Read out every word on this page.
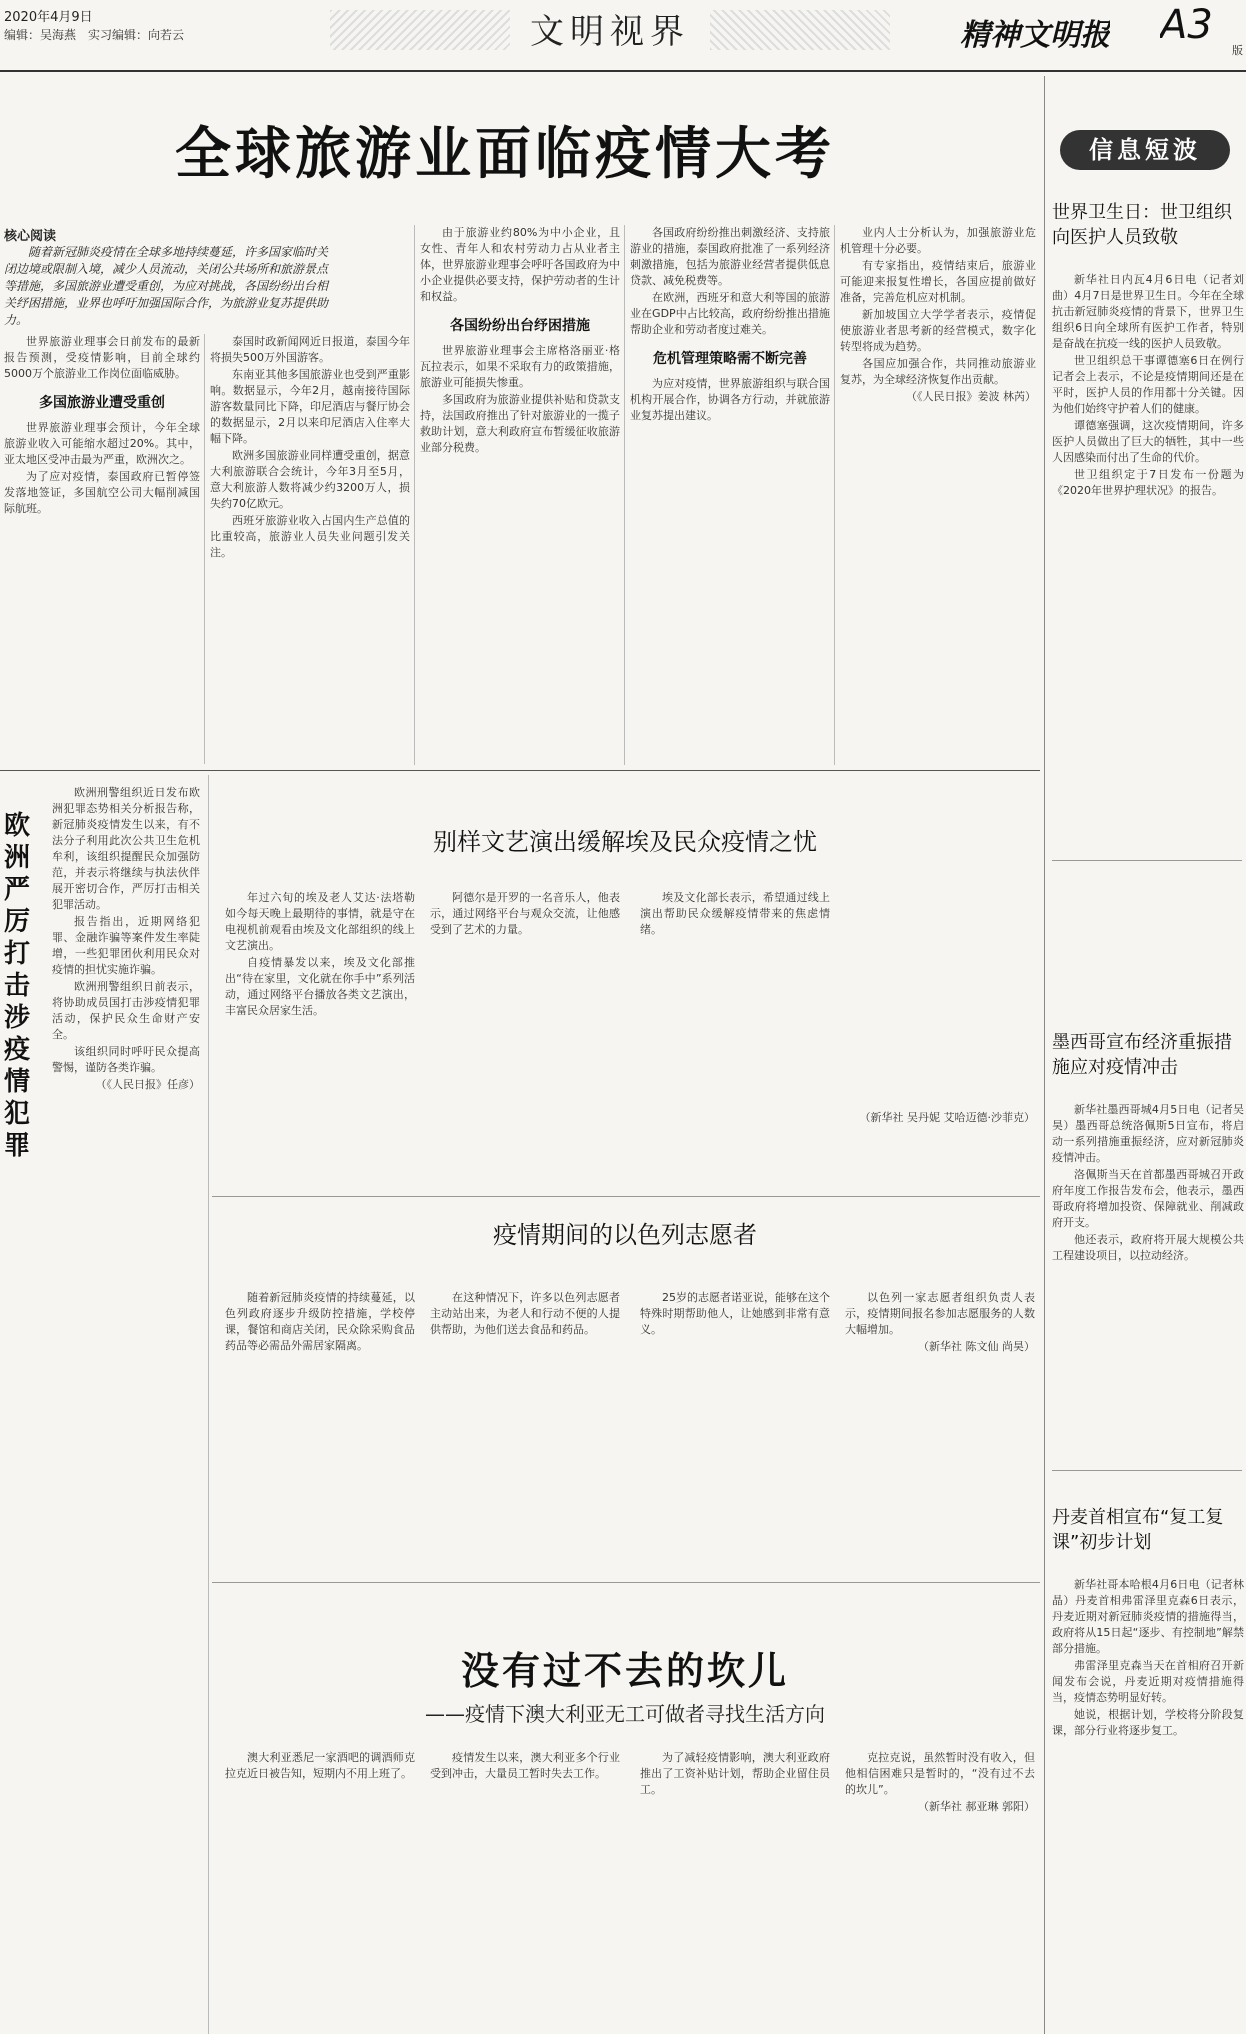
2020年4月9日
编辑：吴海燕　实习编辑：向若云	文明视界	精神文明报 A3
版
全球旅游业面临疫情大考
核心阅读
随着新冠肺炎疫情在全球多地持续蔓延，许多国家临时关闭边境或限制入境，减少人员流动，关闭公共场所和旅游景点等措施，多国旅游业遭受重创，为应对挑战，各国纷纷出台相关纾困措施，业界也呼吁加强国际合作，为旅游业复苏提供助力。

世界旅游业理事会日前发布的最新报告预测，受疫情影响，目前全球约5000万个旅游业工作岗位面临威胁。

多国旅游业遭受重创

世界旅游业理事会预计，今年全球旅游业收入可能缩水超过20%。其中，亚太地区受冲击最为严重，欧洲次之。

为了应对疫情，泰国政府已暂停签发落地签证，多国航空公司大幅削减国际航班。

泰国时政新闻网近日报道，泰国今年将损失500万外国游客。

东南亚其他多国旅游业也受到严重影响。数据显示，今年2月，越南接待国际游客数量同比下降，印尼酒店与餐厅协会的数据显示，2月以来印尼酒店入住率大幅下降。

欧洲多国旅游业同样遭受重创，据意大利旅游联合会统计，今年3月至5月，意大利旅游人数将减少约3200万人，损失约70亿欧元。

西班牙旅游业收入占国内生产总值的比重较高，旅游业人员失业问题引发关注。

由于旅游业约80%为中小企业，且女性、青年人和农村劳动力占从业者主体，世界旅游业理事会呼吁各国政府为中小企业提供必要支持，保护劳动者的生计和权益。

各国纷纷出台纾困措施

世界旅游业理事会主席格洛丽亚·格瓦拉表示，如果不采取有力的政策措施，旅游业可能损失惨重。

多国政府为旅游业提供补贴和贷款支持，法国政府推出了针对旅游业的一揽子救助计划，意大利政府宣布暂缓征收旅游业部分税费。

各国政府纷纷推出刺激经济、支持旅游业的措施，泰国政府批准了一系列经济刺激措施，包括为旅游业经营者提供低息贷款、减免税费等。

在欧洲，西班牙和意大利等国的旅游业在GDP中占比较高，政府纷纷推出措施帮助企业和劳动者度过难关。

危机管理策略需不断完善

为应对疫情，世界旅游组织与联合国机构开展合作，协调各方行动，并就旅游业复苏提出建议。

业内人士分析认为，加强旅游业危机管理十分必要。

有专家指出，疫情结束后，旅游业可能迎来报复性增长，各国应提前做好准备，完善危机应对机制。

新加坡国立大学学者表示，疫情促使旅游业者思考新的经营模式，数字化转型将成为趋势。

各国应加强合作，共同推动旅游业复苏，为全球经济恢复作出贡献。

（《人民日报》姜波 林芮）
信息短波
世界卫生日：世卫组织向医护人员致敬

新华社日内瓦4月6日电（记者刘曲）4月7日是世界卫生日。今年在全球抗击新冠肺炎疫情的背景下，世界卫生组织6日向全球所有医护工作者，特别是奋战在抗疫一线的医护人员致敬。

世卫组织总干事谭德塞6日在例行记者会上表示，不论是疫情期间还是在平时，医护人员的作用都十分关键。因为他们始终守护着人们的健康。

谭德塞强调，这次疫情期间，许多医护人员做出了巨大的牺牲，其中一些人因感染而付出了生命的代价。

世卫组织定于7日发布一份题为《2020年世界护理状况》的报告。

墨西哥宣布经济重振措施应对疫情冲击

新华社墨西哥城4月5日电（记者吴昊）墨西哥总统洛佩斯5日宣布，将启动一系列措施重振经济，应对新冠肺炎疫情冲击。

洛佩斯当天在首都墨西哥城召开政府年度工作报告发布会，他表示，墨西哥政府将增加投资、保障就业、削减政府开支。

他还表示，政府将开展大规模公共工程建设项目，以拉动经济。

丹麦首相宣布“复工复课”初步计划

新华社哥本哈根4月6日电（记者林晶）丹麦首相弗雷泽里克森6日表示，丹麦近期对新冠肺炎疫情的措施得当，政府将从15日起“逐步、有控制地”解禁部分措施。

弗雷泽里克森当天在首相府召开新闻发布会说，丹麦近期对疫情措施得当，疫情态势明显好转。

她说，根据计划，学校将分阶段复课，部分行业将逐步复工。

欧洲严厉打击涉疫情犯罪

欧洲刑警组织近日发布欧洲犯罪态势相关分析报告称，新冠肺炎疫情发生以来，有不法分子利用此次公共卫生危机牟利，该组织提醒民众加强防范，并表示将继续与执法伙伴展开密切合作，严厉打击相关犯罪活动。

报告指出，近期网络犯罪、金融诈骗等案件发生率陡增，一些犯罪团伙利用民众对疫情的担忧实施诈骗。

欧洲刑警组织日前表示，将协助成员国打击涉疫情犯罪活动，保护民众生命财产安全。

该组织同时呼吁民众提高警惕，谨防各类诈骗。

（《人民日报》任彦）
别样文艺演出缓解埃及民众疫情之忧

年过六旬的埃及老人艾达·法塔勒如今每天晚上最期待的事情，就是守在电视机前观看由埃及文化部组织的线上文艺演出。

自疫情暴发以来，埃及文化部推出“待在家里，文化就在你手中”系列活动，通过网络平台播放各类文艺演出，丰富民众居家生活。

阿德尔是开罗的一名音乐人，他表示，通过网络平台与观众交流，让他感受到了艺术的力量。

埃及文化部长表示，希望通过线上演出帮助民众缓解疫情带来的焦虑情绪。

（新华社 吴丹妮 艾哈迈德·沙菲克）
疫情期间的以色列志愿者

随着新冠肺炎疫情的持续蔓延，以色列政府逐步升级防控措施，学校停课，餐馆和商店关闭，民众除采购食品药品等必需品外需居家隔离。

在这种情况下，许多以色列志愿者主动站出来，为老人和行动不便的人提供帮助，为他们送去食品和药品。

25岁的志愿者诺亚说，能够在这个特殊时期帮助他人，让她感到非常有意义。

以色列一家志愿者组织负责人表示，疫情期间报名参加志愿服务的人数大幅增加。

（新华社 陈文仙 尚昊）
没有过不去的坎儿
——疫情下澳大利亚无工可做者寻找生活方向

澳大利亚悉尼一家酒吧的调酒师克拉克近日被告知，短期内不用上班了。

疫情发生以来，澳大利亚多个行业受到冲击，大量员工暂时失去工作。

为了减轻疫情影响，澳大利亚政府推出了工资补贴计划，帮助企业留住员工。

克拉克说，虽然暂时没有收入，但他相信困难只是暂时的，“没有过不去的坎儿”。

（新华社 郝亚琳 郭阳）
